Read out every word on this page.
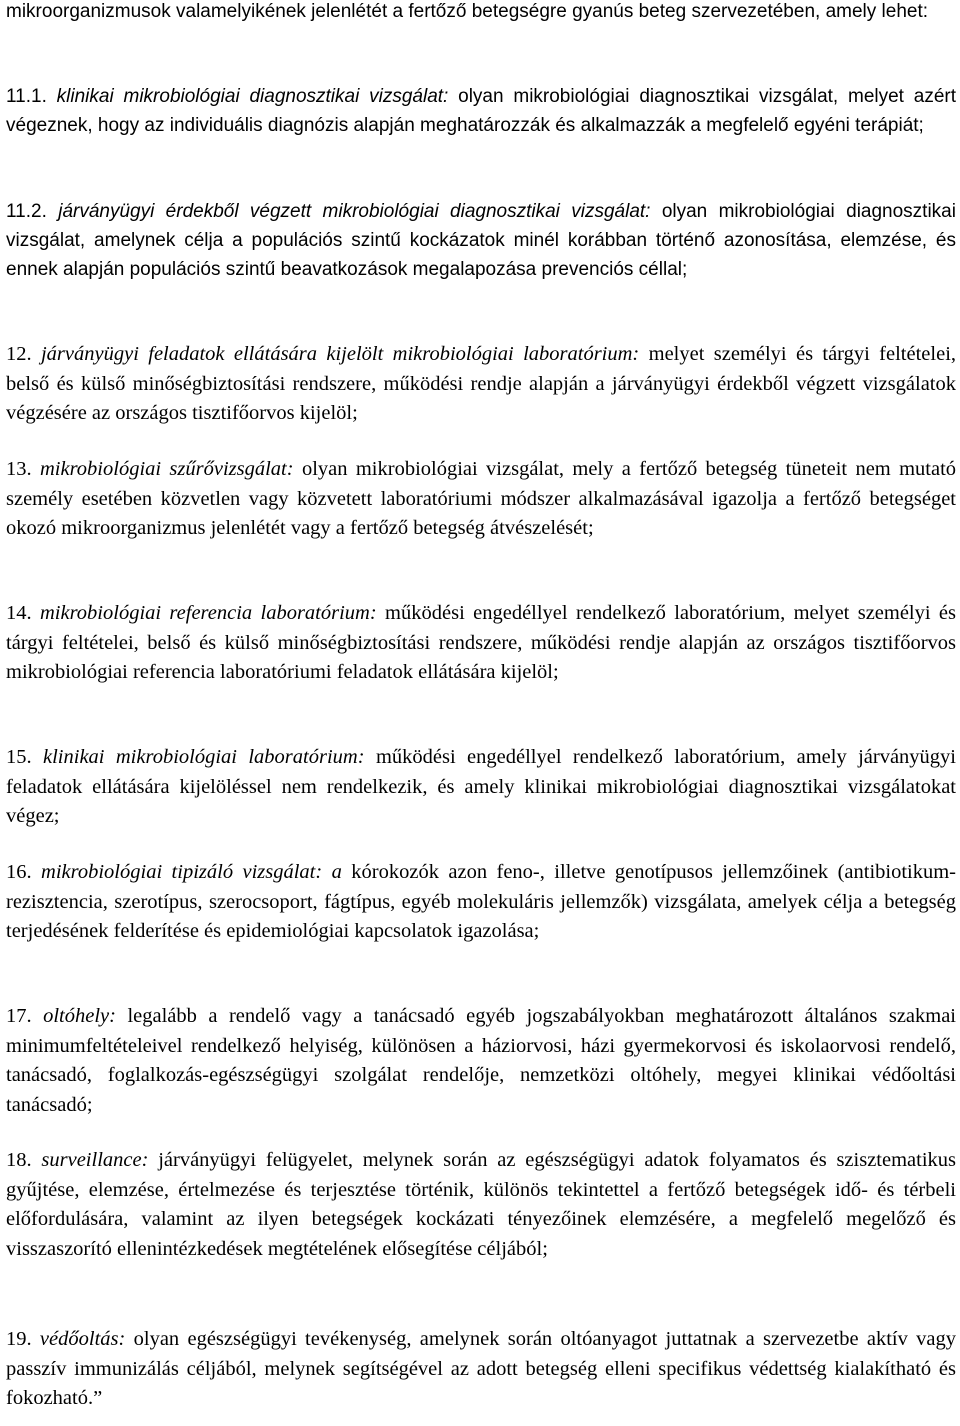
mikroorganizmusok valamelyikének jelenlétét a fertőző betegségre gyanús beteg szervezetében, amely lehet:

11.1. klinikai mikrobiológiai diagnosztikai vizsgálat: olyan mikrobiológiai diagnosztikai vizsgálat, melyet azért végeznek, hogy az individuális diagnózis alapján meghatározzák és alkalmazzák a megfelelő egyéni terápiát;

11.2. járványügyi érdekből végzett mikrobiológiai diagnosztikai vizsgálat: olyan mikrobiológiai diagnosztikai vizsgálat, amelynek célja a populációs szintű kockázatok minél korábban történő azonosítása, elemzése, és ennek alapján populációs szintű beavatkozások megalapozása prevenciós céllal;

12. járványügyi feladatok ellátására kijelölt mikrobiológiai laboratórium: melyet személyi és tárgyi feltételei, belső és külső minőségbiztosítási rendszere, működési rendje alapján a járványügyi érdekből végzett vizsgálatok végzésére az országos tisztifőorvos kijelöl;

13. mikrobiológiai szűrővizsgálat: olyan mikrobiológiai vizsgálat, mely a fertőző betegség tüneteit nem mutató személy esetében közvetlen vagy közvetett laboratóriumi módszer alkalmazásával igazolja a fertőző betegséget okozó mikroorganizmus jelenlétét vagy a fertőző betegség átvészelését;

14. mikrobiológiai referencia laboratórium: működési engedéllyel rendelkező laboratórium, melyet személyi és tárgyi feltételei, belső és külső minőségbiztosítási rendszere, működési rendje alapján az országos tisztifőorvos mikrobiológiai referencia laboratóriumi feladatok ellátására kijelöl;

15. klinikai mikrobiológiai laboratórium: működési engedéllyel rendelkező laboratórium, amely járványügyi feladatok ellátására kijelöléssel nem rendelkezik, és amely klinikai mikrobiológiai diagnosztikai vizsgálatokat végez;

16. mikrobiológiai tipizáló vizsgálat: a kórokozók azon feno-, illetve genotípusos jellemzőinek (antibiotikum-rezisztencia, szerotípus, szerocsoport, fágtípus, egyéb molekuláris jellemzők) vizsgálata, amelyek célja a betegség terjedésének felderítése és epidemiológiai kapcsolatok igazolása;

17. oltóhely: legalább a rendelő vagy a tanácsadó egyéb jogszabályokban meghatározott általános szakmai minimumfeltételeivel rendelkező helyiség, különösen a háziorvosi, házi gyermekorvosi és iskolaorvosi rendelő, tanácsadó, foglalkozás-egészségügyi szolgálat rendelője, nemzetközi oltóhely, megyei klinikai védőoltási tanácsadó;

18. surveillance: járványügyi felügyelet, melynek során az egészségügyi adatok folyamatos és szisztematikus gyűjtése, elemzése, értelmezése és terjesztése történik, különös tekintettel a fertőző betegségek idő- és térbeli előfordulására, valamint az ilyen betegségek kockázati tényezőinek elemzésére, a megfelelő megelőző és visszaszorító ellenintézkedések megtételének elősegítése céljából;

19. védőoltás: olyan egészségügyi tevékenység, amelynek során oltóanyagot juttatnak a szervezetbe aktív vagy passzív immunizálás céljából, melynek segítségével az adott betegség elleni specifikus védettség kialakítható és fokozható.”
